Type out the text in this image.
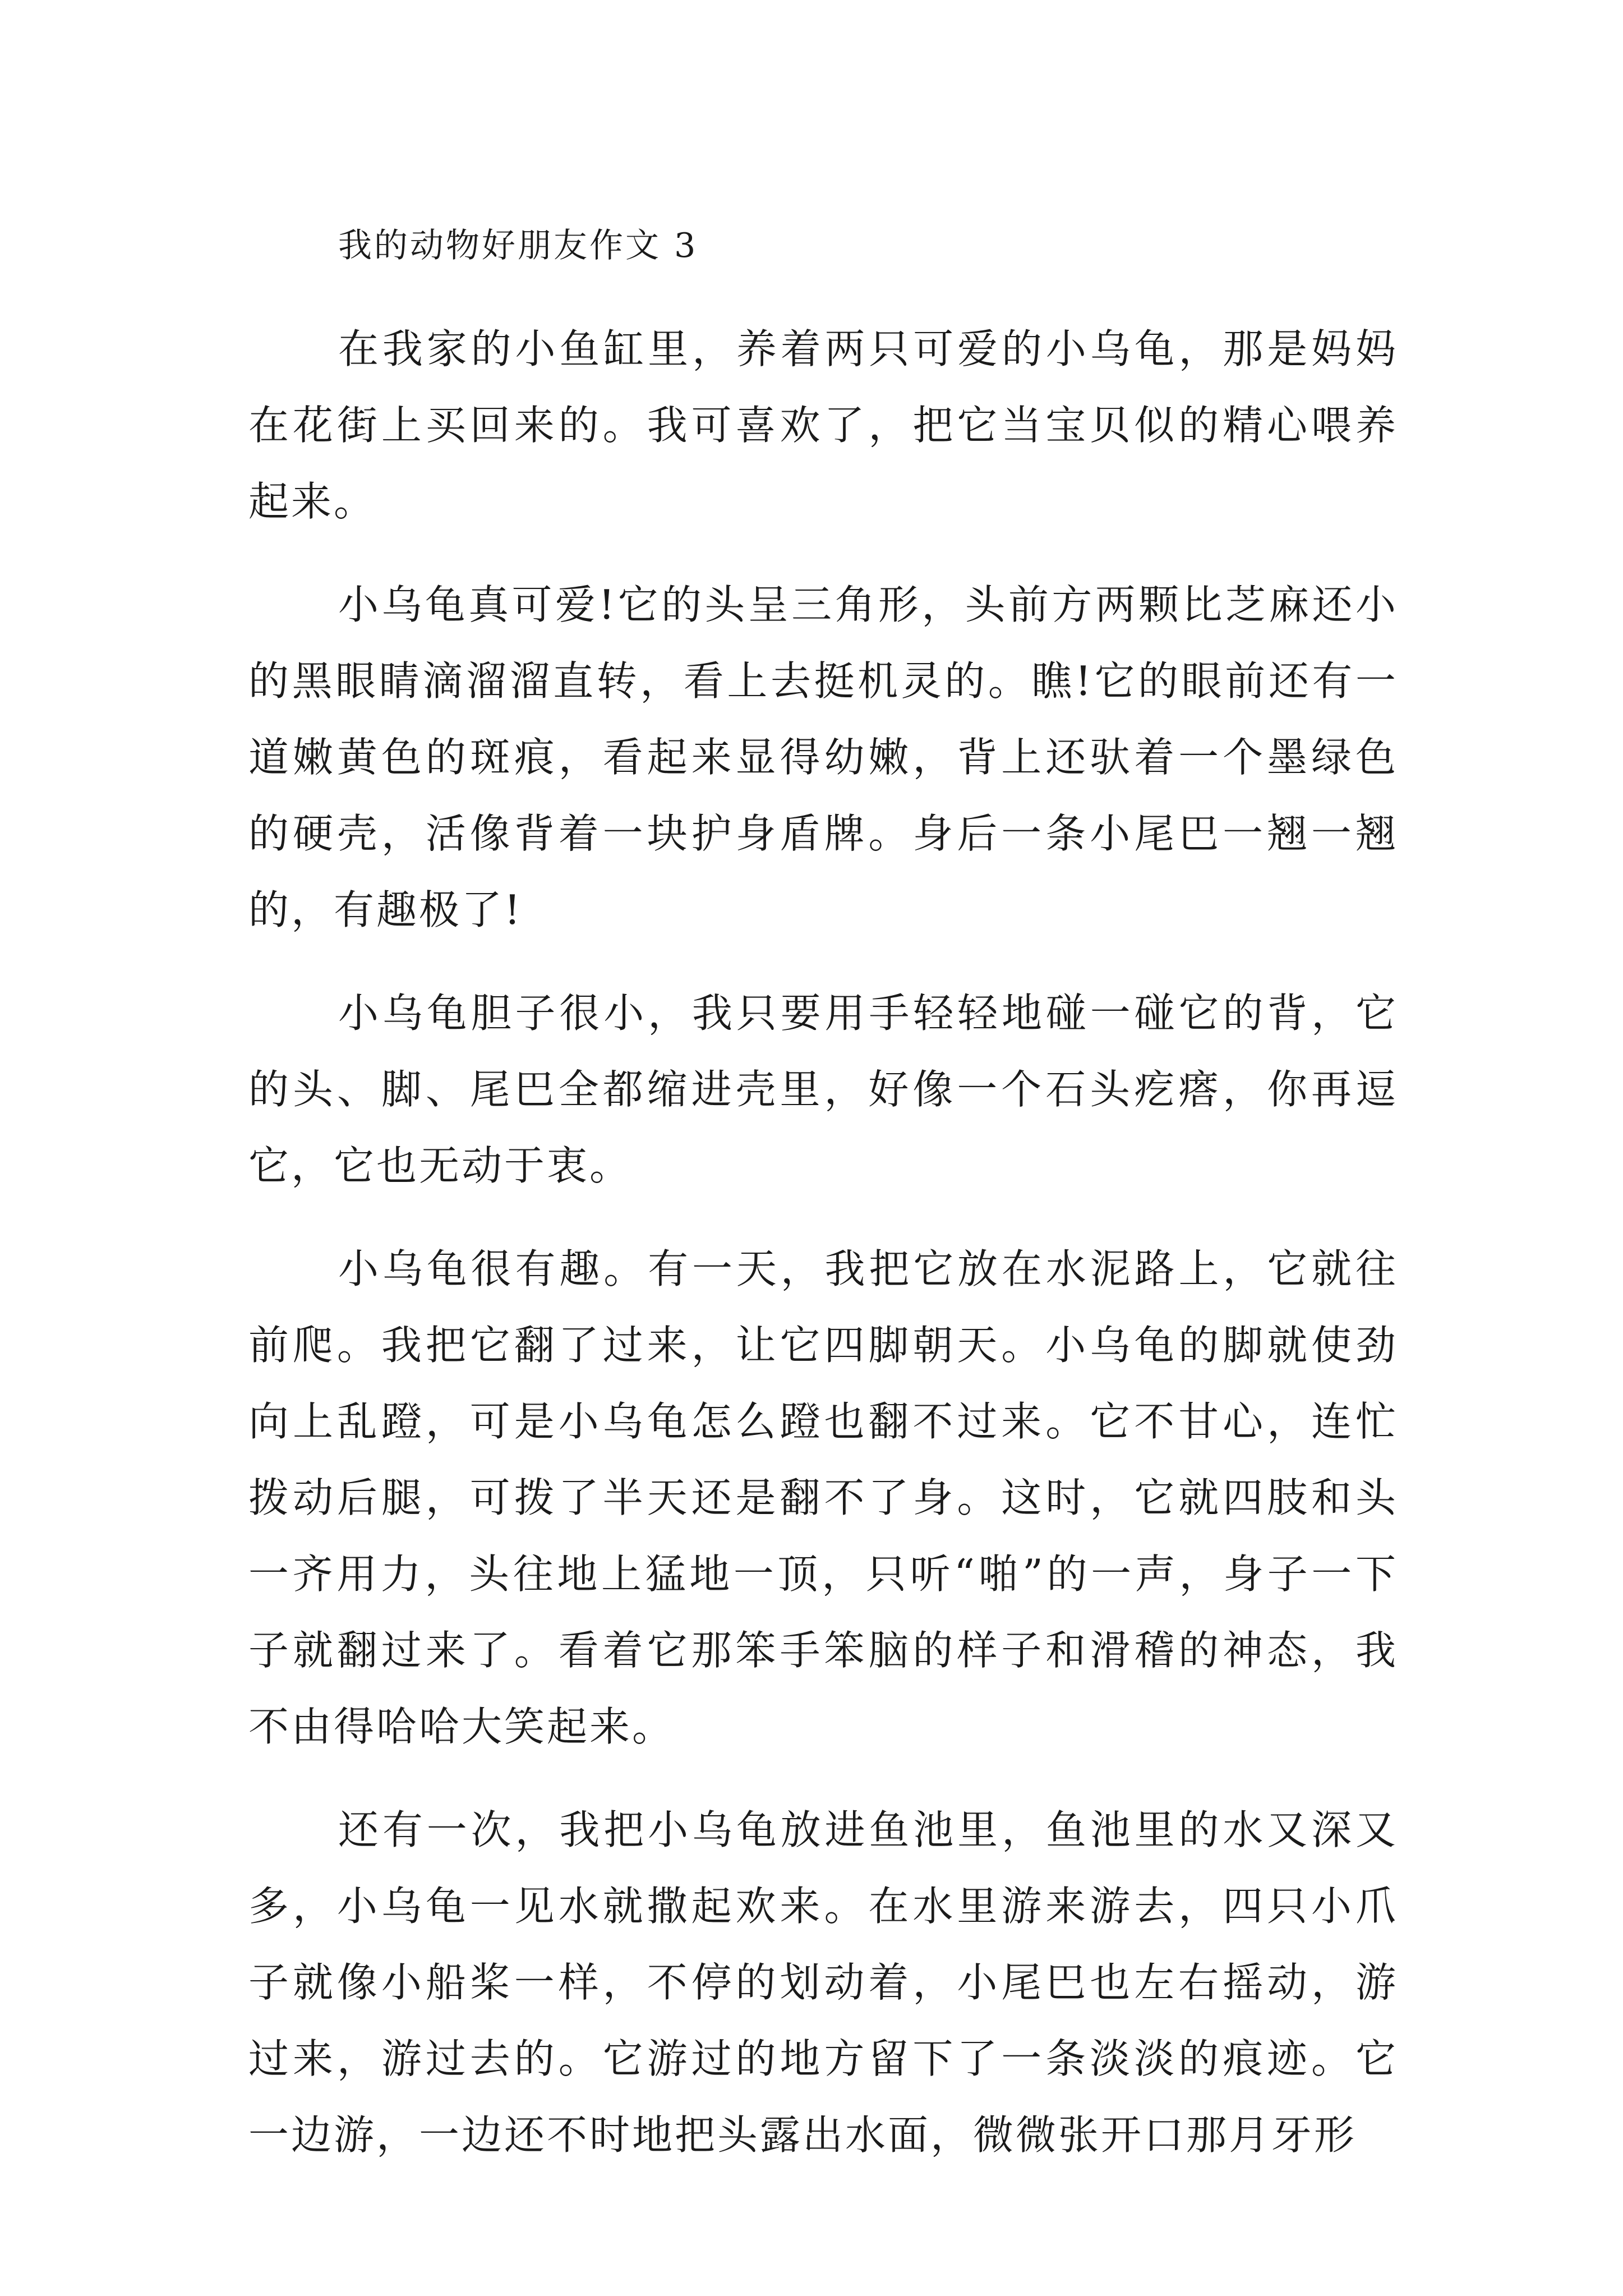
我的动物好朋友作文 3

在我家的小鱼缸里，养着两只可爱的小乌龟，那是妈妈在花街上买回来的。我可喜欢了，把它当宝贝似的精心喂养起来。

小乌龟真可爱!它的头呈三角形，头前方两颗比芝麻还小的黑眼睛滴溜溜直转，看上去挺机灵的。瞧!它的眼前还有一道嫩黄色的斑痕，看起来显得幼嫩，背上还驮着一个墨绿色的硬壳，活像背着一块护身盾牌。身后一条小尾巴一翘一翘的，有趣极了!

小乌龟胆子很小，我只要用手轻轻地碰一碰它的背，它的头、脚、尾巴全都缩进壳里，好像一个石头疙瘩，你再逗它，它也无动于衷。

小乌龟很有趣。有一天，我把它放在水泥路上，它就往前爬。我把它翻了过来，让它四脚朝天。小乌龟的脚就使劲向上乱蹬，可是小乌龟怎么蹬也翻不过来。它不甘心，连忙拨动后腿，可拨了半天还是翻不了身。这时，它就四肢和头一齐用力，头往地上猛地一顶，只听“啪”的一声，身子一下子就翻过来了。看着它那笨手笨脑的样子和滑稽的神态，我不由得哈哈大笑起来。

还有一次，我把小乌龟放进鱼池里，鱼池里的水又深又多，小乌龟一见水就撒起欢来。在水里游来游去，四只小爪子就像小船桨一样，不停的划动着，小尾巴也左右摇动，游过来，游过去的。它游过的地方留下了一条淡淡的痕迹。它一边游，一边还不时地把头露出水面，微微张开口那月牙形
